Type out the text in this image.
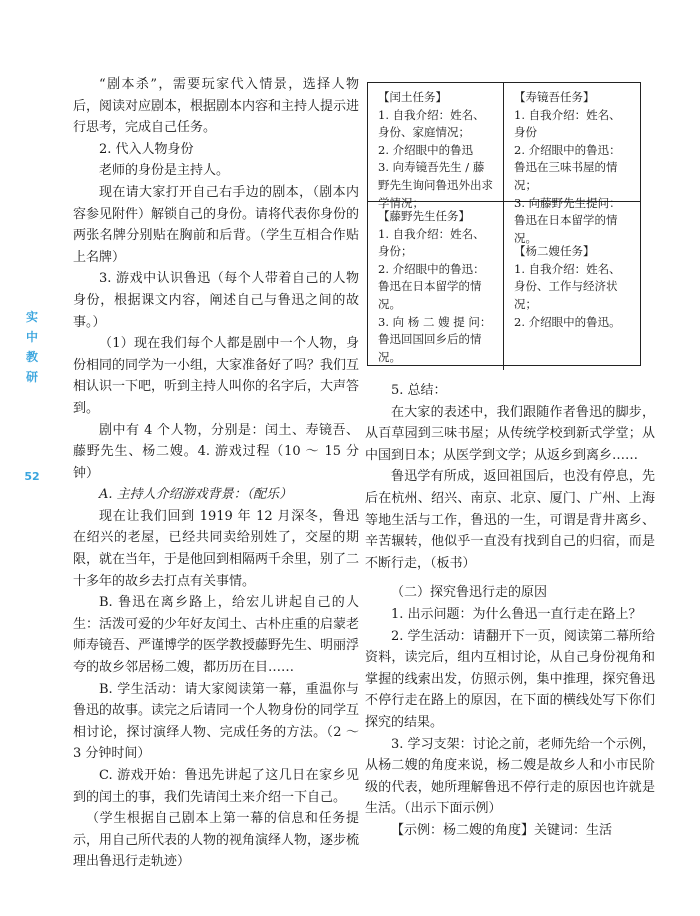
实
中
教
研
52

“剧本杀”，需要玩家代入情景，选择人物后，阅读对应剧本，根据剧本内容和主持人提示进行思考，完成自己任务。

2. 代入人物身份

老师的身份是主持人。

现在请大家打开自己右手边的剧本，（剧本内容参见附件）解锁自己的身份。请将代表你身份的两张名牌分别贴在胸前和后背。（学生互相合作贴上名牌）

3. 游戏中认识鲁迅（每个人带着自己的人物身份，根据课文内容，阐述自己与鲁迅之间的故事。）

（1）现在我们每个人都是剧中一个人物，身份相同的同学为一小组，大家准备好了吗？我们互相认识一下吧，听到主持人叫你的名字后，大声答到。

剧中有 4 个人物，分别是：闰土、寿镜吾、藤野先生、杨二嫂。4. 游戏过程（10 ～ 15 分钟）

A. 主持人介绍游戏背景：（配乐）

现在让我们回到 1919 年 12 月深冬，鲁迅在绍兴的老屋，已经共同卖给别姓了，交屋的期限，就在当年，于是他回到相隔两千余里，别了二十多年的故乡去打点有关事情。

B. 鲁迅在离乡路上，给宏儿讲起自己的人生：活泼可爱的少年好友闰土、古朴庄重的启蒙老师寿镜吾、严谨博学的医学教授藤野先生、明丽浮夸的故乡邻居杨二嫂，都历历在目……

B. 学生活动：请大家阅读第一幕，重温你与鲁迅的故事。读完之后请同一个人物身份的同学互相讨论，探讨演绎人物、完成任务的方法。（2 ～ 3 分钟时间）

C. 游戏开始：鲁迅先讲起了这几日在家乡见到的闰土的事，我们先请闰土来介绍一下自己。

（学生根据自己剧本上第一幕的信息和任务提示，用自己所代表的人物的视角演绎人物，逐步梳理出鲁迅行走轨迹）

【闰土任务】
1. 自我介绍：姓名、身份、家庭情况；
2. 介绍眼中的鲁迅
3. 向寿镜吾先生 / 藤野先生询问鲁迅外出求学情况；
【寿镜吾任务】
1. 自我介绍：姓名、身份
2. 介绍眼中的鲁迅：鲁迅在三味书屋的情况；
3. 向藤野先生提问：鲁迅在日本留学的情况。
【藤野先生任务】
1. 自我介绍：姓名、身份；
2. 介绍眼中的鲁迅：鲁迅在日本留学的情况。
3. 向 杨 二 嫂 提 问：鲁迅回国回乡后的情况。
【杨二嫂任务】
1. 自我介绍：姓名、身份、工作与经济状况；
2. 介绍眼中的鲁迅。

5. 总结：

在大家的表述中，我们跟随作者鲁迅的脚步，从百草园到三味书屋；从传统学校到新式学堂；从中国到日本；从医学到文学；从返乡到离乡……

鲁迅学有所成，返回祖国后，也没有停息，先后在杭州、绍兴、南京、北京、厦门、广州、上海等地生活与工作，鲁迅的一生，可谓是背井离乡、辛苦辗转，他似乎一直没有找到自己的归宿，而是不断行走，（板书）

（二）探究鲁迅行走的原因

1. 出示问题：为什么鲁迅一直行走在路上？

2. 学生活动：请翻开下一页，阅读第二幕所给资料，读完后，组内互相讨论，从自己身份视角和掌握的线索出发，仿照示例，集中推理，探究鲁迅不停行走在路上的原因，在下面的横线处写下你们探究的结果。

3. 学习支架：讨论之前，老师先给一个示例，从杨二嫂的角度来说，杨二嫂是故乡人和小市民阶级的代表，她所理解鲁迅不停行走的原因也许就是生活。（出示下面示例）

【示例：杨二嫂的角度】关键词：生活
